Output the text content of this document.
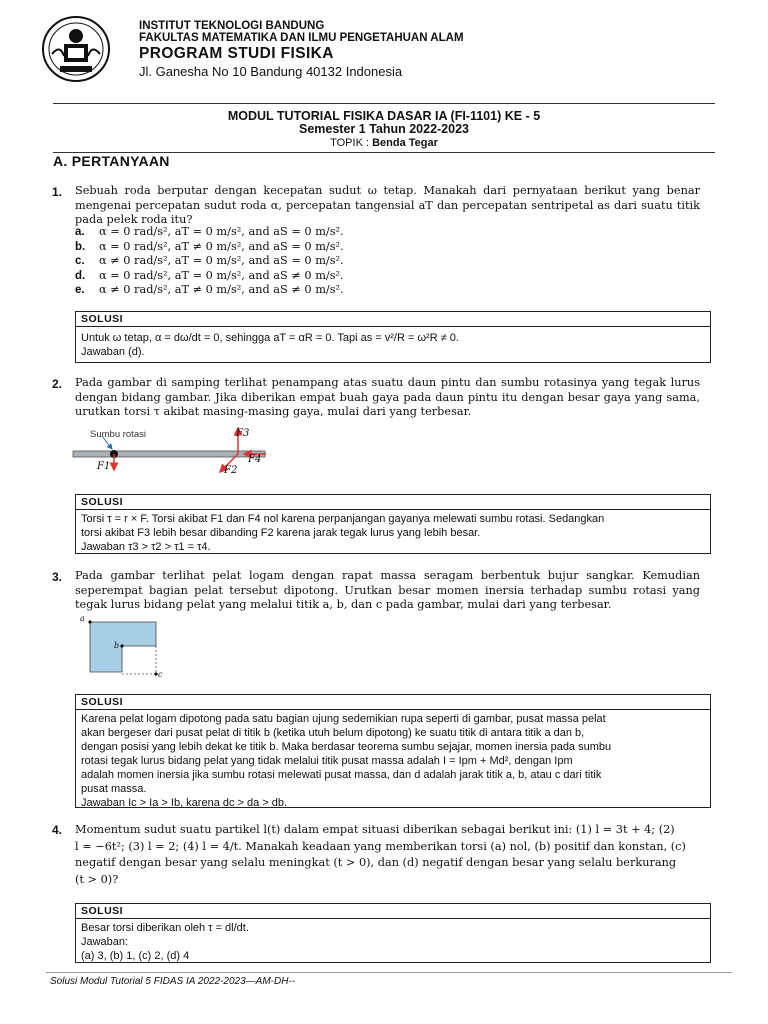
INSTITUT TEKNOLOGI BANDUNG
FAKULTAS MATEMATIKA DAN ILMU PENGETAHUAN ALAM
PROGRAM STUDI FISIKA
Jl. Ganesha No 10 Bandung 40132 Indonesia
MODUL TUTORIAL FISIKA DASAR IA (FI-1101) KE - 5
Semester 1 Tahun 2022-2023
TOPIK : Benda Tegar
A. PERTANYAAN
1. Sebuah roda berputar dengan kecepatan sudut ω tetap. Manakah dari pernyataan berikut yang benar mengenai percepatan sudut roda α, percepatan tangensial aT dan percepatan sentripetal as dari suatu titik pada pelek roda itu?
a.	α = 0 rad/s², aT = 0 m/s², and aS = 0 m/s².
b.	α = 0 rad/s², aT ≠ 0 m/s², and aS = 0 m/s².
c.	α ≠ 0 rad/s², aT = 0 m/s², and aS = 0 m/s².
d.	α = 0 rad/s², aT = 0 m/s², and aS ≠ 0 m/s².
e.	α ≠ 0 rad/s², aT ≠ 0 m/s², and aS ≠ 0 m/s².
SOLUSI
Untuk ω tetap, α = dω/dt = 0, sehingga aT = αR = 0. Tapi as = v²/R = ω²R ≠ 0.
Jawaban (d).
2. Pada gambar di samping terlihat penampang atas suatu daun pintu dan sumbu rotasinya yang tegak lurus dengan bidang gambar. Jika diberikan empat buah gaya pada daun pintu itu dengan besar gaya yang sama, urutkan torsi τ akibat masing-masing gaya, mulai dari yang terbesar.
Sumbu rotasi
F1	F2
F3
F4
SOLUSI
Torsi τ = r × F. Torsi akibat F1 dan F4 nol karena perpanjangan gayanya melewati sumbu rotasi. Sedangkan
torsi akibat F3 lebih besar dibanding F2 karena jarak tegak lurus yang lebih besar.
Jawaban τ3 > τ2 > τ1 = τ4.
3. Pada gambar terlihat pelat logam dengan rapat massa seragam berbentuk bujur sangkar. Kemudian seperempat bagian pelat tersebut dipotong. Urutkan besar momen inersia terhadap sumbu rotasi yang tegak lurus bidang pelat yang melalui titik a, b, dan c pada gambar, mulai dari yang terbesar.
a
b
c
SOLUSI
Karena pelat logam dipotong pada satu bagian ujung sedemikian rupa seperti di gambar, pusat massa pelat
akan bergeser dari pusat pelat di titik b (ketika utuh belum dipotong) ke suatu titik di antara titik a dan b,
dengan posisi yang lebih dekat ke titik b. Maka berdasar teorema sumbu sejajar, momen inersia pada sumbu
rotasi tegak lurus bidang pelat yang tidak melalui titik pusat massa adalah I = Ipm + Md², dengan Ipm
adalah momen inersia jika sumbu rotasi melewati pusat massa, dan d adalah jarak titik a, b, atau c dari titik
pusat massa.
Jawaban Ic > Ia > Ib, karena dc > da > db.
4. Momentum sudut suatu partikel l(t) dalam empat situasi diberikan sebagai berikut ini: (1) l = 3t + 4; (2)
l = −6t²; (3) l = 2; (4) l = 4/t. Manakah keadaan yang memberikan torsi (a) nol, (b) positif dan konstan, (c)
negatif dengan besar yang selalu meningkat (t > 0), dan (d) negatif dengan besar yang selalu berkurang
(t > 0)?
SOLUSI
Besar torsi diberikan oleh τ = dl/dt.
Jawaban:
(a) 3, (b) 1, (c) 2, (d) 4
Solusi Modul Tutorial 5 FIDAS IA 2022-2023—AM-DH--
